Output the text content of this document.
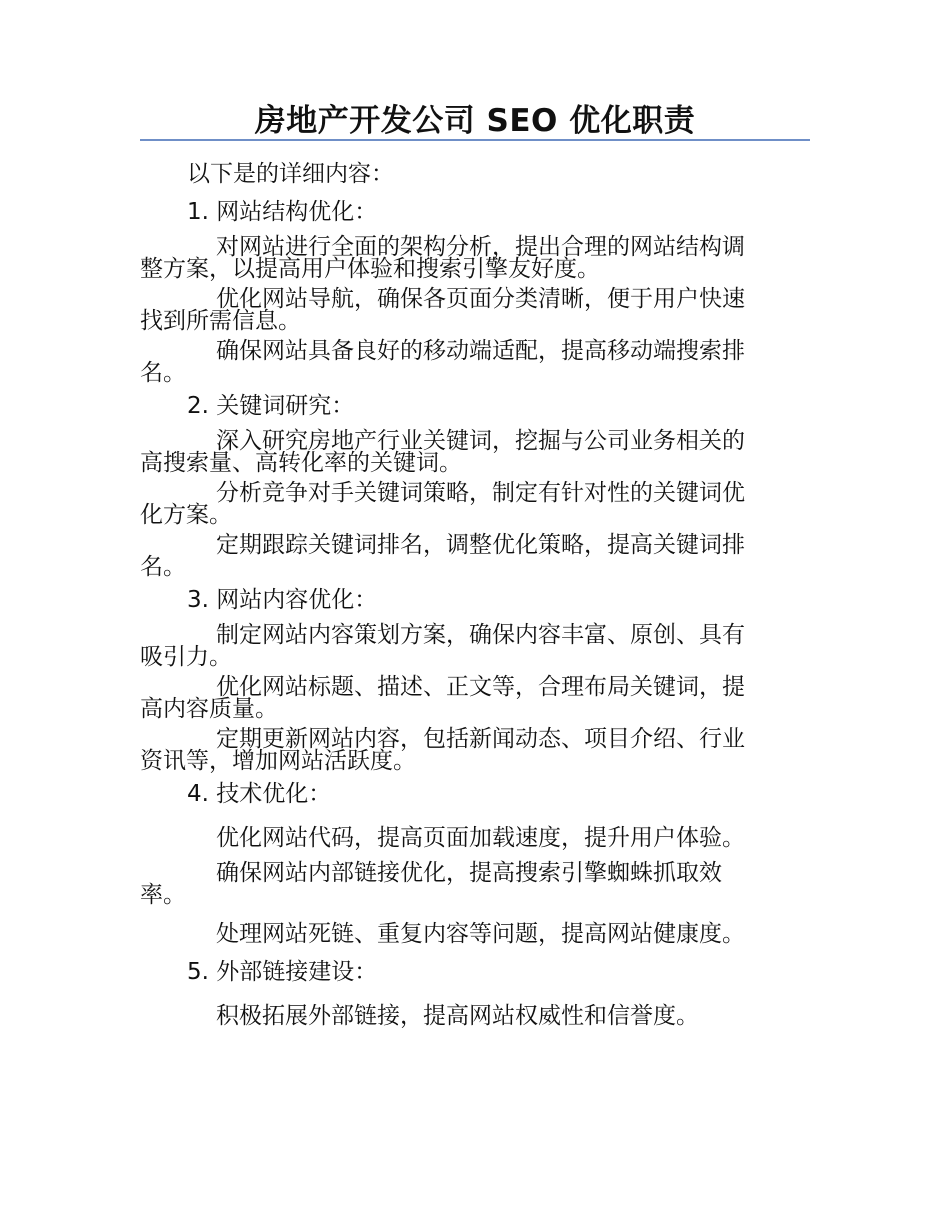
房地产开发公司 SEO 优化职责
以下是的详细内容：
1. 网站结构优化：
对网站进行全面的架构分析，提出合理的网站结构调
整方案，以提高用户体验和搜索引擎友好度。
优化网站导航，确保各页面分类清晰，便于用户快速
找到所需信息。
确保网站具备良好的移动端适配，提高移动端搜索排
名。
2. 关键词研究：
深入研究房地产行业关键词，挖掘与公司业务相关的
高搜索量、高转化率的关键词。
分析竞争对手关键词策略，制定有针对性的关键词优
化方案。
定期跟踪关键词排名，调整优化策略，提高关键词排
名。
3. 网站内容优化：
制定网站内容策划方案，确保内容丰富、原创、具有
吸引力。
优化网站标题、描述、正文等，合理布局关键词，提
高内容质量。
定期更新网站内容，包括新闻动态、项目介绍、行业
资讯等，增加网站活跃度。
4. 技术优化：
优化网站代码，提高页面加载速度，提升用户体验。
确保网站内部链接优化，提高搜索引擎蜘蛛抓取效
率。
处理网站死链、重复内容等问题，提高网站健康度。
5. 外部链接建设：
积极拓展外部链接，提高网站权威性和信誉度。
